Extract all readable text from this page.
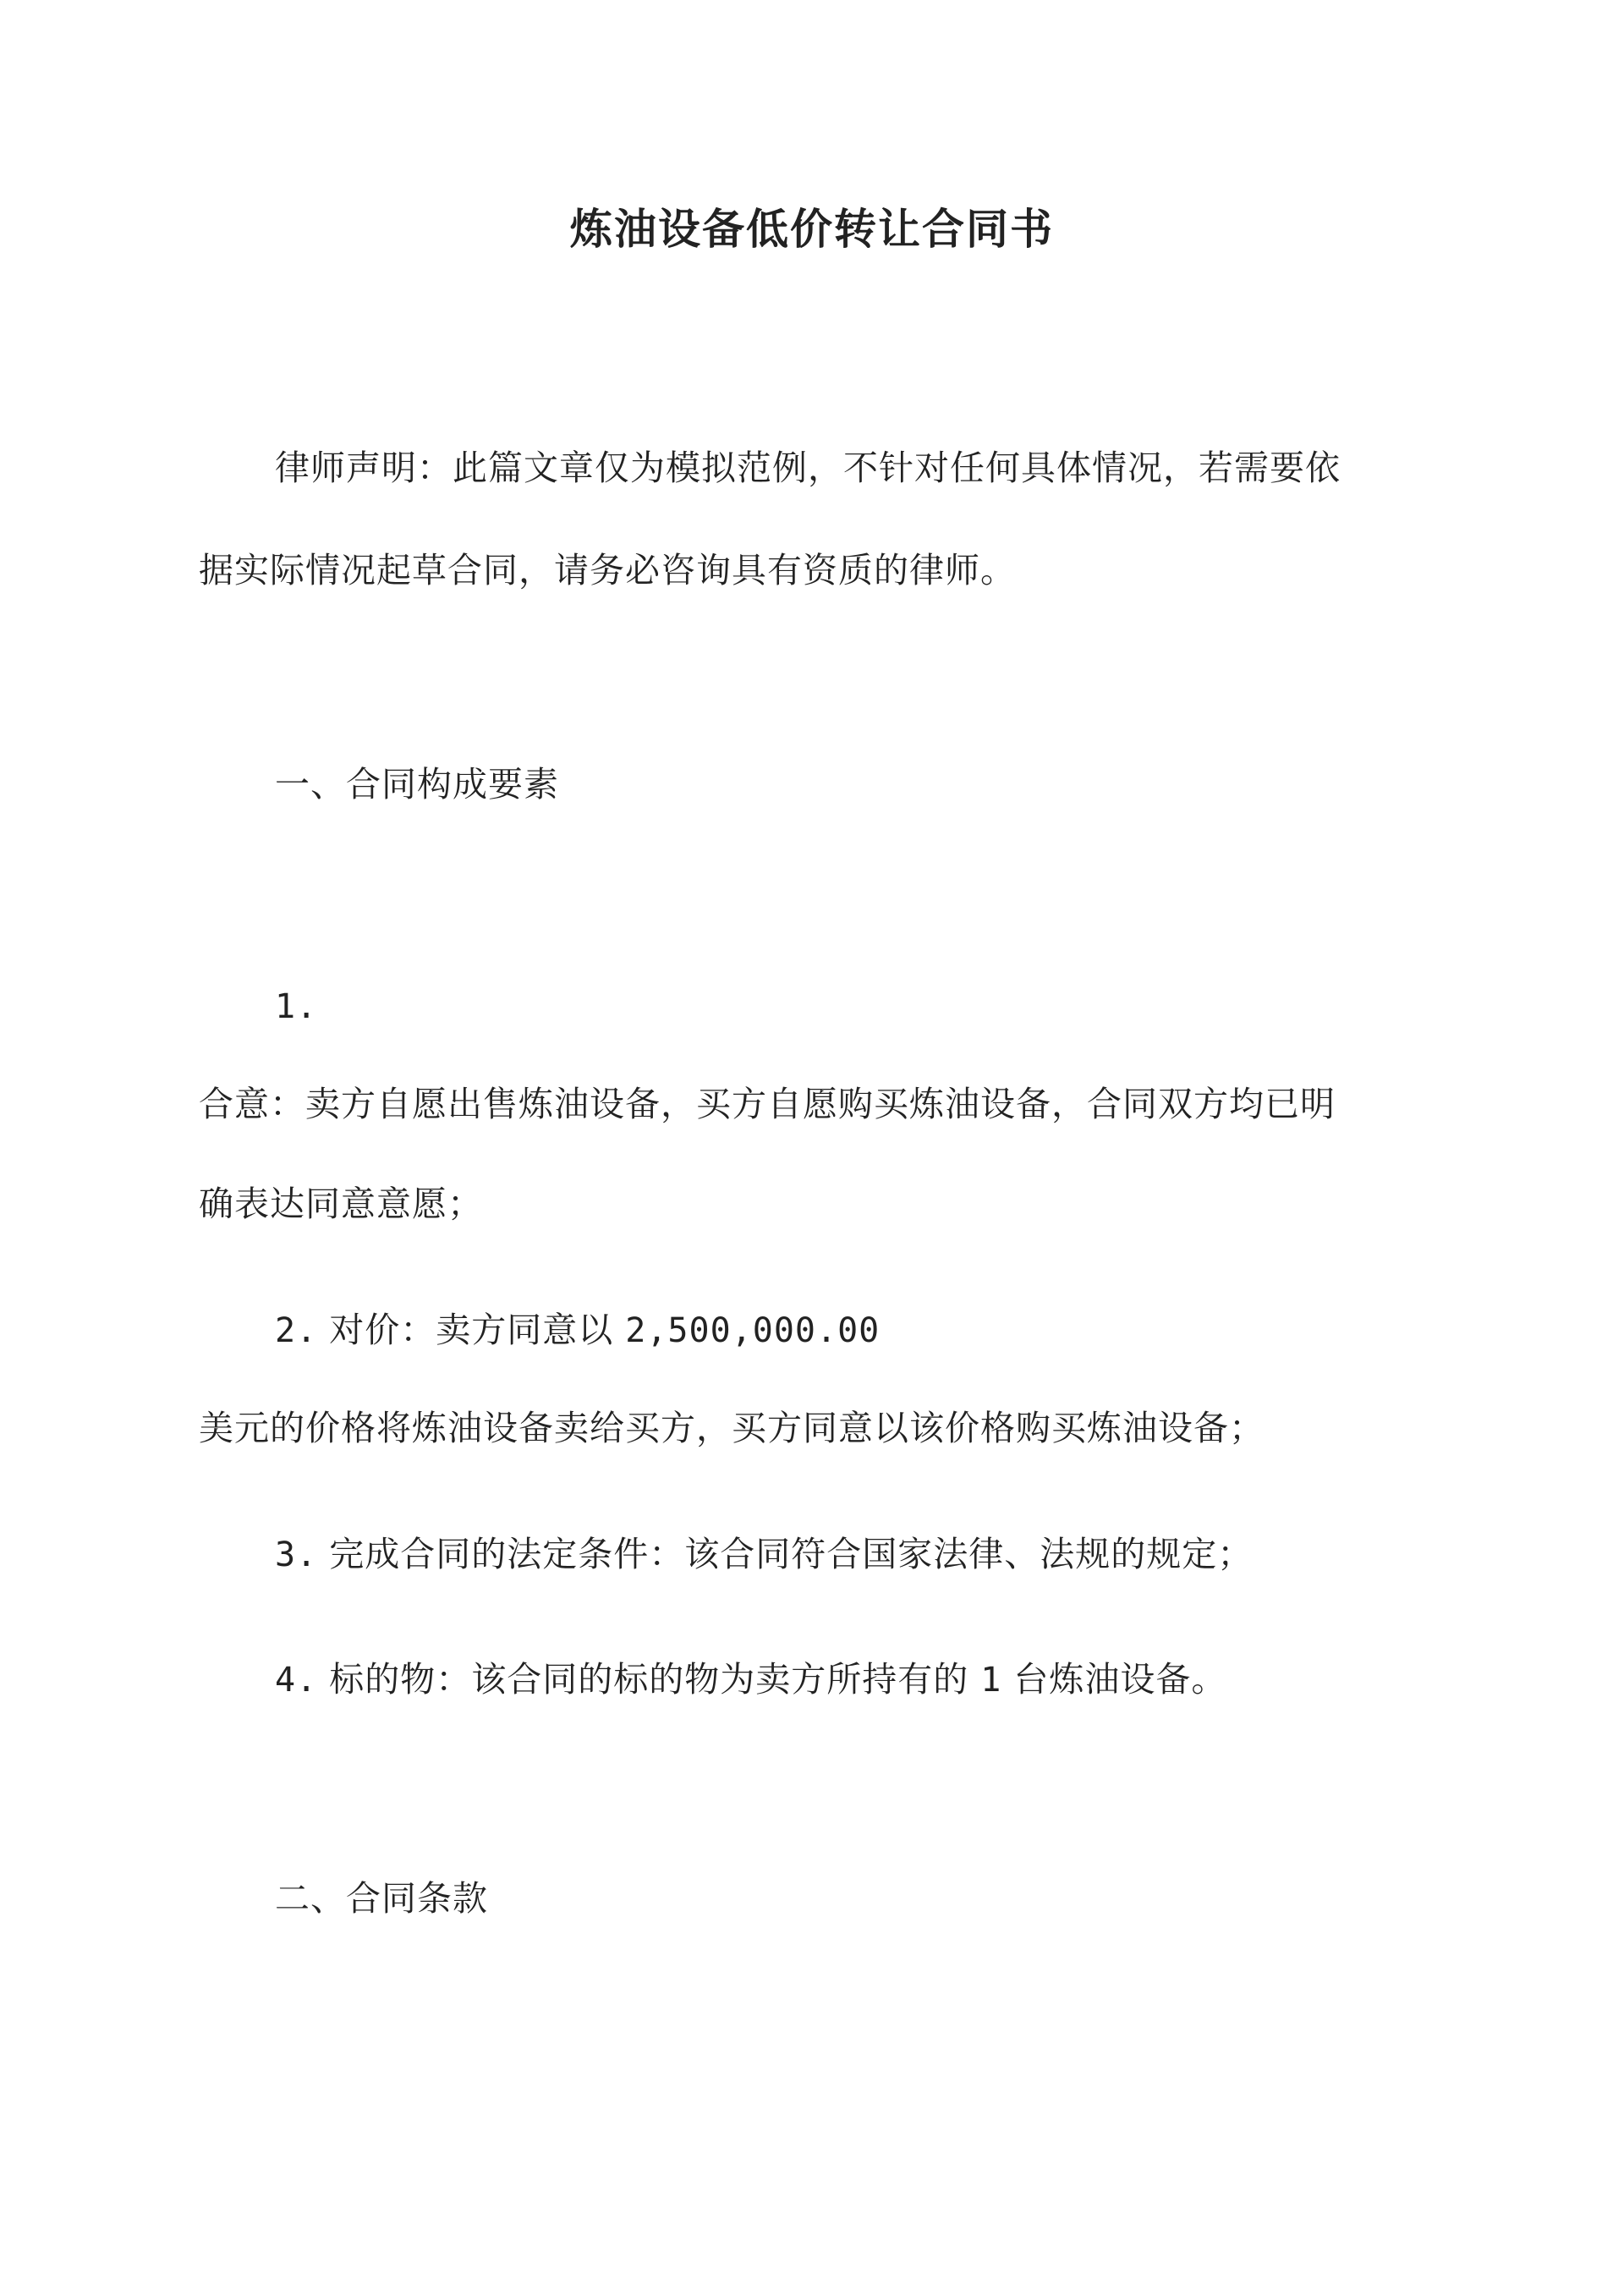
炼油设备低价转让合同书
律师声明：此篇文章仅为模拟范例，不针对任何具体情况，若需要依
据实际情况起草合同，请务必咨询具有资质的律师。
一、合同构成要素
1.
合意：卖方自愿出售炼油设备，买方自愿购买炼油设备，合同双方均已明
确表达同意意愿；
2. 对价：卖方同意以 2,500,000.00
美元的价格将炼油设备卖给买方，买方同意以该价格购买炼油设备；
3. 完成合同的法定条件：该合同符合国家法律、法规的规定；
4. 标的物：该合同的标的物为卖方所持有的 1 台炼油设备。
二、合同条款
